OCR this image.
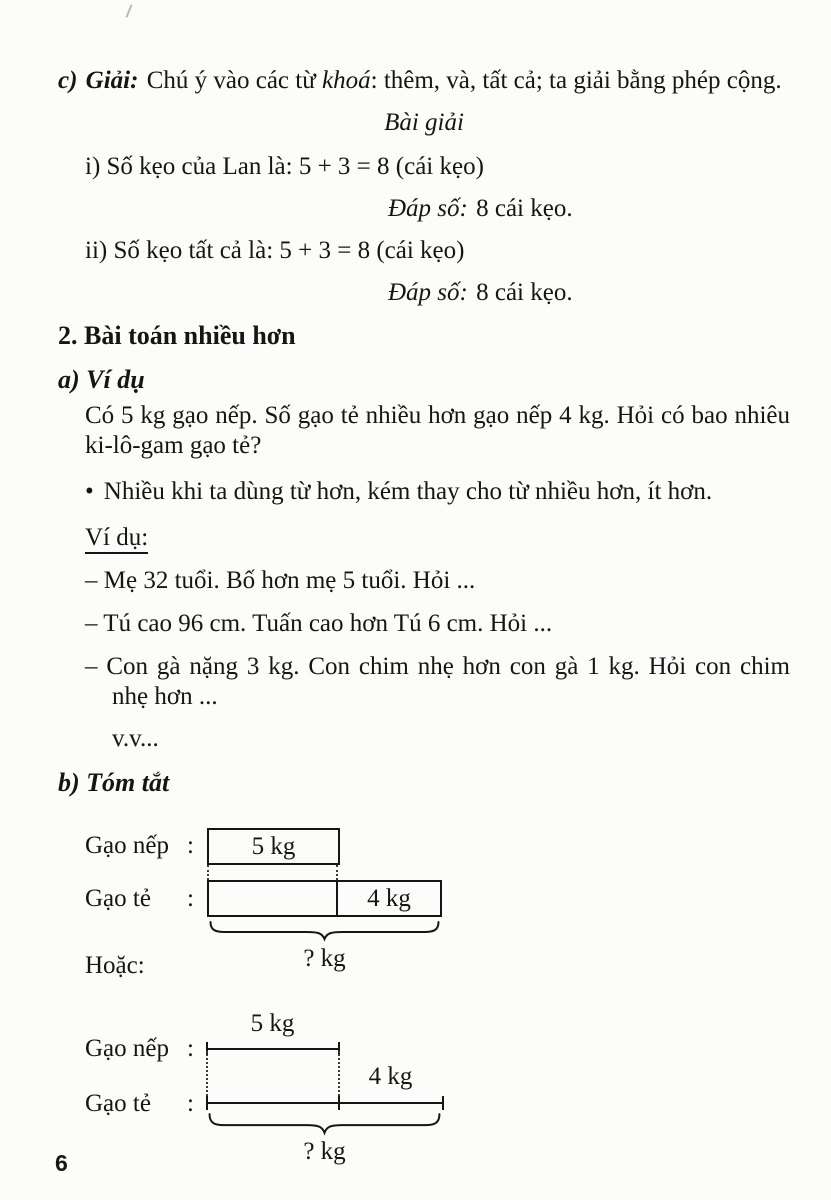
c) Giải: Chú ý vào các từ khoá: thêm, và, tất cả; ta giải bằng phép cộng.

Bài giải

i) Số kẹo của Lan là: 5 + 3 = 8 (cái kẹo)

Đáp số: 8 cái kẹo.

ii) Số kẹo tất cả là: 5 + 3 = 8 (cái kẹo)

Đáp số: 8 cái kẹo.

2. Bài toán nhiều hơn

a) Ví dụ

Có 5 kg gạo nếp. Số gạo tẻ nhiều hơn gạo nếp 4 kg. Hỏi có bao nhiêu ki-lô-gam gạo tẻ?

• Nhiều khi ta dùng từ hơn, kém thay cho từ nhiều hơn, ít hơn.

Ví dụ:

– Mẹ 32 tuổi. Bố hơn mẹ 5 tuổi. Hỏi ...

– Tú cao 96 cm. Tuấn cao hơn Tú 6 cm. Hỏi ...

– Con gà nặng 3 kg. Con chim nhẹ hơn con gà 1 kg. Hỏi con chim nhẹ hơn ...

v.v...

b) Tóm tắt

Gạo nếp : 5 kg
Gạo tẻ :	4 kg
? kg
Hoặc:
5 kg
Gạo nếp :
4 kg
Gạo tẻ :
? kg
6
